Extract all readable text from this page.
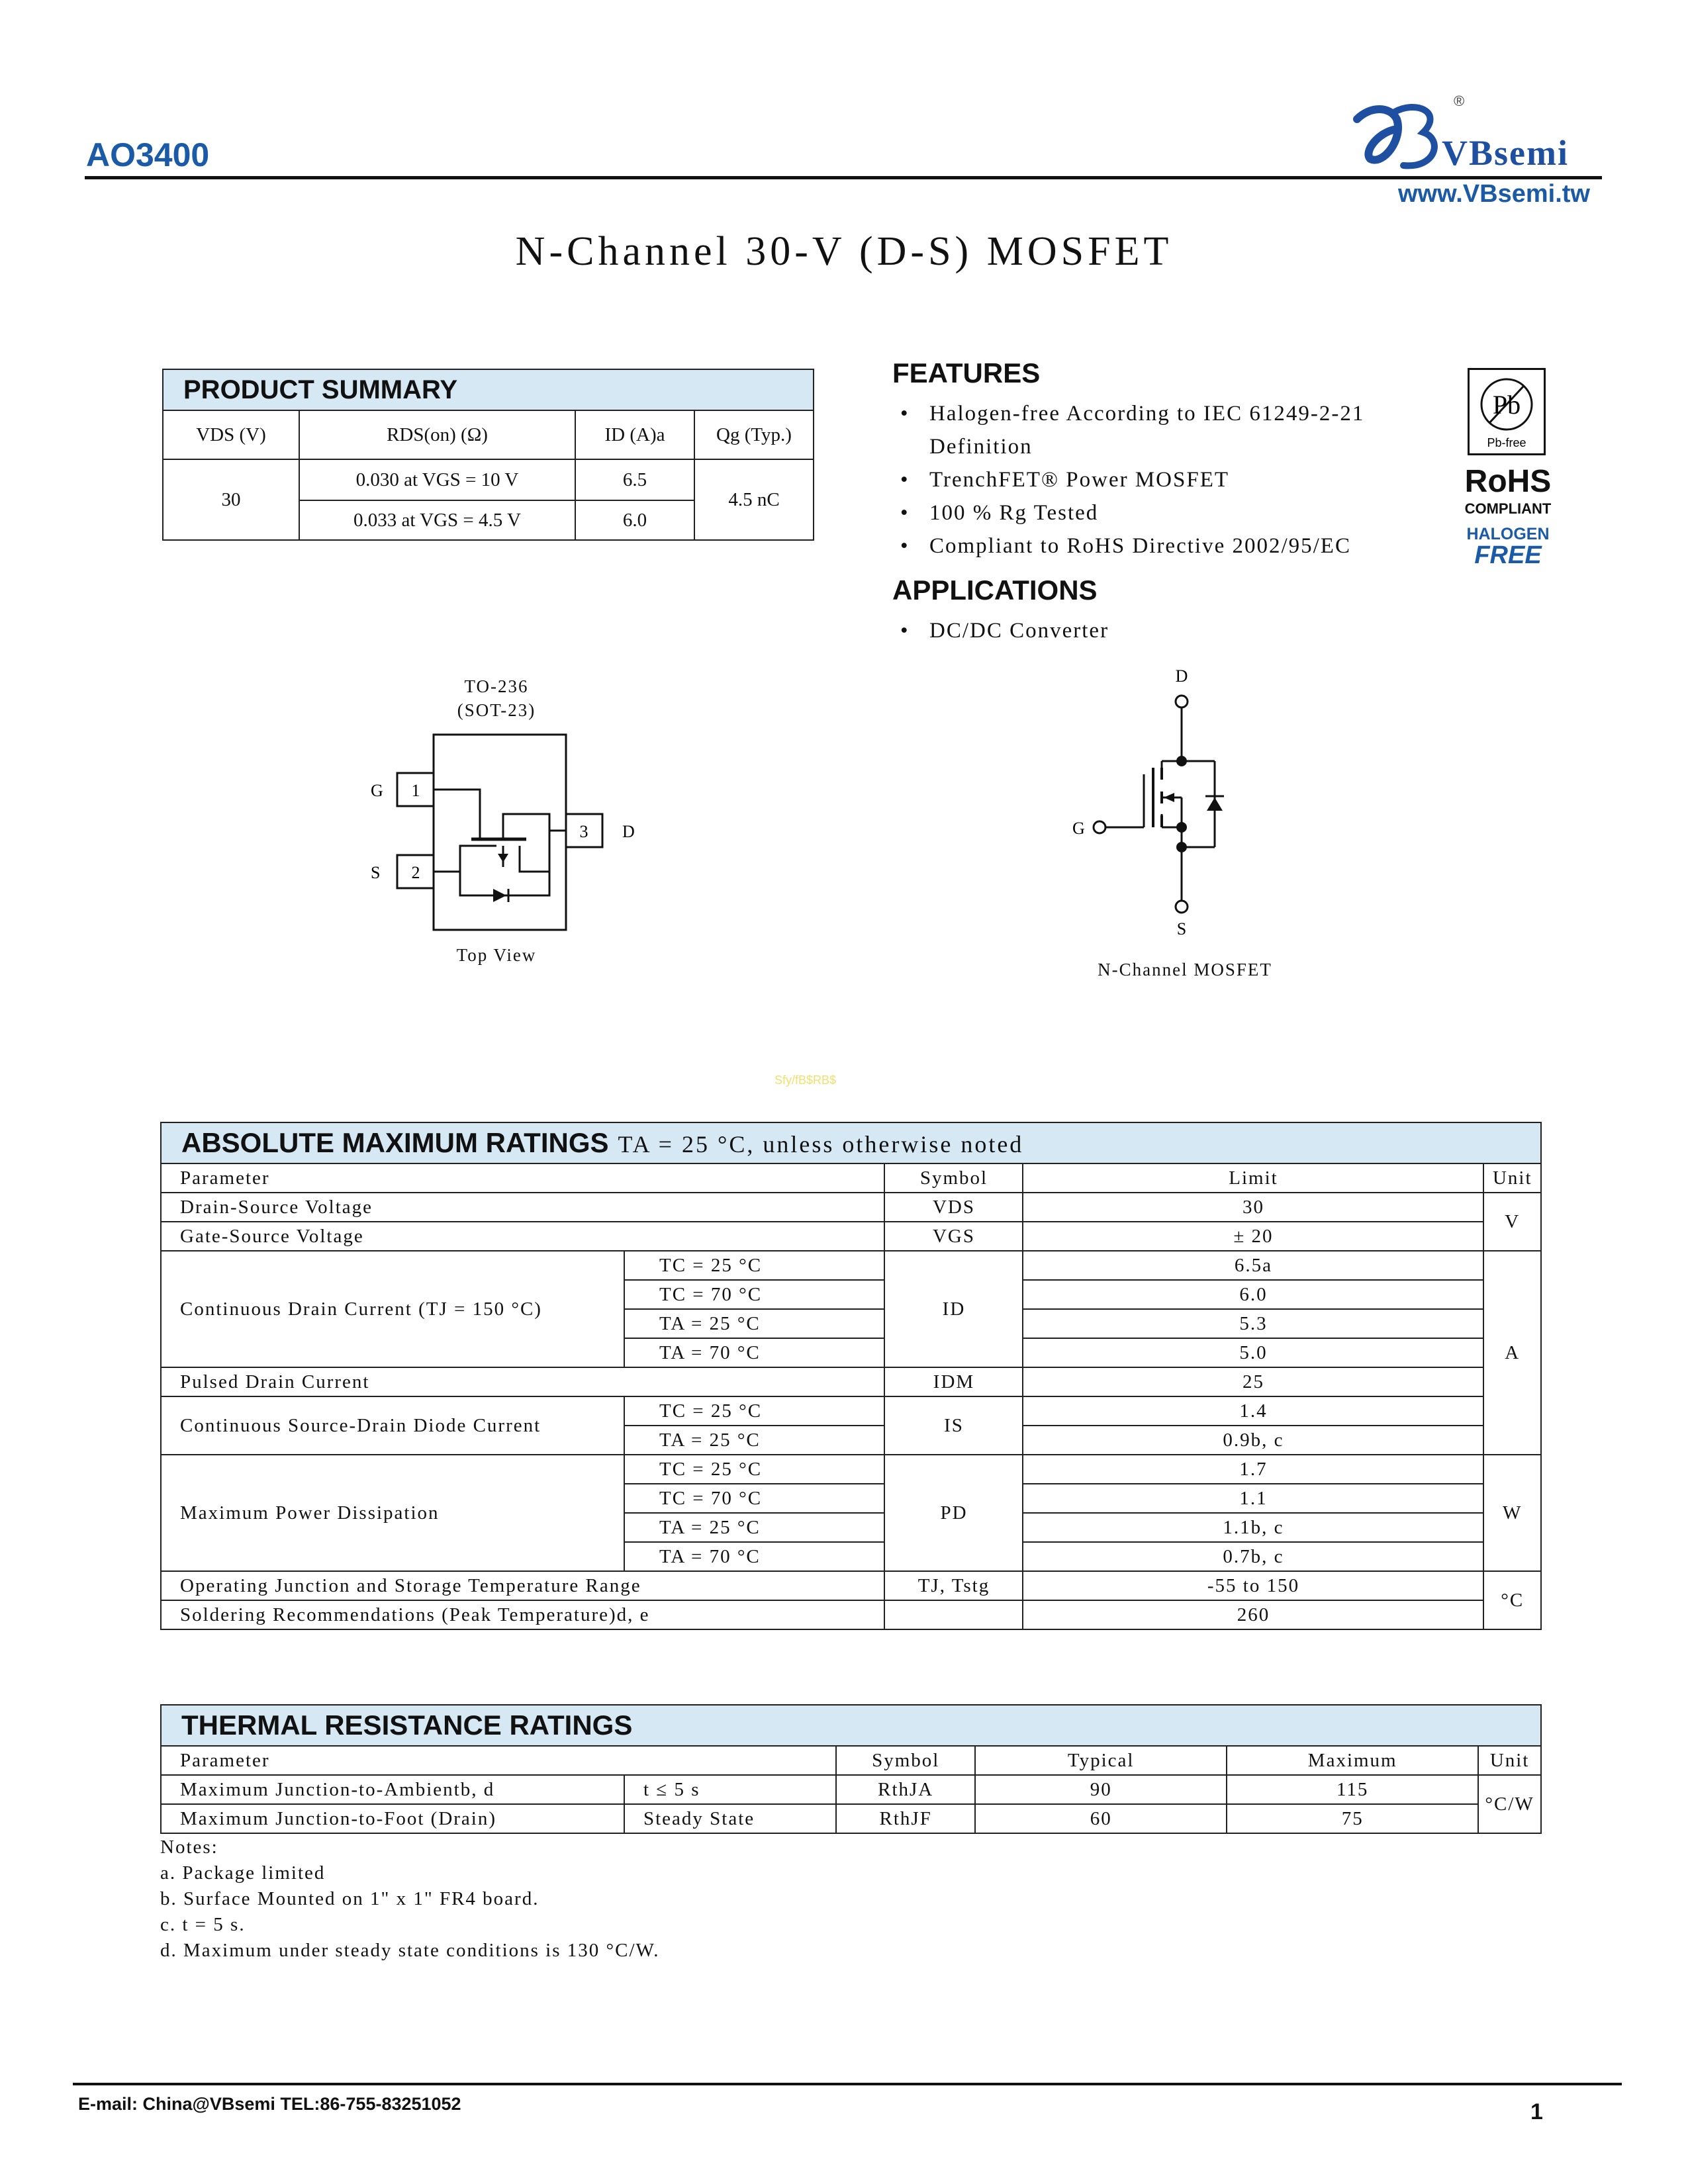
AO3400
®
VBsemi
www.VBsemi.tw
N-Channel 30-V (D-S) MOSFET
PRODUCT SUMMARY			
VDS (V)	RDS(on) (Ω)	ID (A)a	Qg (Typ.)
30	0.030 at VGS = 10 V	6.5	4.5 nC
	0.033 at VGS = 4.5 V	6.0	
FEATURES
• Halogen-free According to IEC 61249-2-21 Definition
• TrenchFET® Power MOSFET
• 100 % Rg Tested
• Compliant to RoHS Directive 2002/95/EC
APPLICATIONS
• DC/DC Converter
Pb
Pb-free
RoHS
COMPLIANT
HALOGEN
FREE
TO-236
(SOT-23)
1
2
3
G
S
D
Top View
D
G
S
N-Channel MOSFET
Sfy/fB$RB$
ABSOLUTE MAXIMUM RATINGS TA = 25 °C, unless otherwise noted				
Parameter		Symbol	Limit	Unit
Drain-Source Voltage		VDS	30	V
Gate-Source Voltage		VGS	± 20	
Continuous Drain Current (TJ = 150 °C)	TC = 25 °C	ID	6.5a	A
	TC = 70 °C		6.0	
	TA = 25 °C		5.3	
	TA = 70 °C		5.0	
Pulsed Drain Current		IDM	25	
Continuous Source-Drain Diode Current	TC = 25 °C	IS	1.4	
	TA = 25 °C		0.9b, c	
Maximum Power Dissipation	TC = 25 °C	PD	1.7	W
	TC = 70 °C		1.1	
	TA = 25 °C		1.1b, c	
	TA = 70 °C		0.7b, c	
Operating Junction and Storage Temperature Range		TJ, Tstg	-55 to 150	°C
Soldering Recommendations (Peak Temperature)d, e			260	
THERMAL RESISTANCE RATINGS					
Parameter		Symbol	Typical	Maximum	Unit
Maximum Junction-to-Ambientb, d	t ≤ 5 s	RthJA	90	115	°C/W
Maximum Junction-to-Foot (Drain)	Steady State	RthJF	60	75	
Notes:
a. Package limited
b. Surface Mounted on 1" x 1" FR4 board.
c. t = 5 s.
d. Maximum under steady state conditions is 130 °C/W.
E-mail: China@VBsemi TEL:86-755-83251052	1
